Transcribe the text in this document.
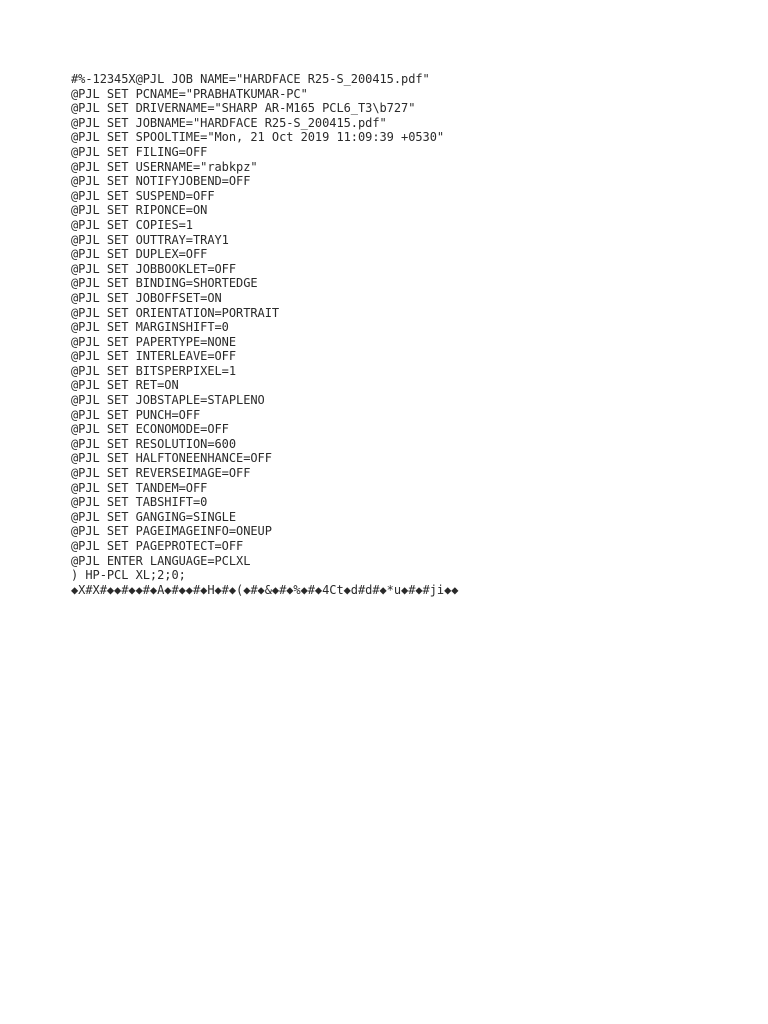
#%-12345X@PJL JOB NAME="HARDFACE R25-S_200415.pdf"
@PJL SET PCNAME="PRABHATKUMAR-PC"
@PJL SET DRIVERNAME="SHARP AR-M165 PCL6_T3\b727"
@PJL SET JOBNAME="HARDFACE R25-S_200415.pdf"
@PJL SET SPOOLTIME="Mon, 21 Oct 2019 11:09:39 +0530"
@PJL SET FILING=OFF
@PJL SET USERNAME="rabkpz"
@PJL SET NOTIFYJOBEND=OFF
@PJL SET SUSPEND=OFF
@PJL SET RIPONCE=ON
@PJL SET COPIES=1
@PJL SET OUTTRAY=TRAY1
@PJL SET DUPLEX=OFF
@PJL SET JOBBOOKLET=OFF
@PJL SET BINDING=SHORTEDGE
@PJL SET JOBOFFSET=ON
@PJL SET ORIENTATION=PORTRAIT
@PJL SET MARGINSHIFT=0
@PJL SET PAPERTYPE=NONE
@PJL SET INTERLEAVE=OFF
@PJL SET BITSPERPIXEL=1
@PJL SET RET=ON
@PJL SET JOBSTAPLE=STAPLENO
@PJL SET PUNCH=OFF
@PJL SET ECONOMODE=OFF
@PJL SET RESOLUTION=600
@PJL SET HALFTONEENHANCE=OFF
@PJL SET REVERSEIMAGE=OFF
@PJL SET TANDEM=OFF
@PJL SET TABSHIFT=0
@PJL SET GANGING=SINGLE
@PJL SET PAGEIMAGEINFO=ONEUP
@PJL SET PAGEPROTECT=OFF
@PJL ENTER LANGUAGE=PCLXL
) HP-PCL XL;2;0;
◆X#X#◆◆#◆◆#◆A◆#◆◆#◆H◆#◆(◆#◆&◆#◆%◆#◆4Ct◆d#d#◆*u◆#◆#ji◆◆
